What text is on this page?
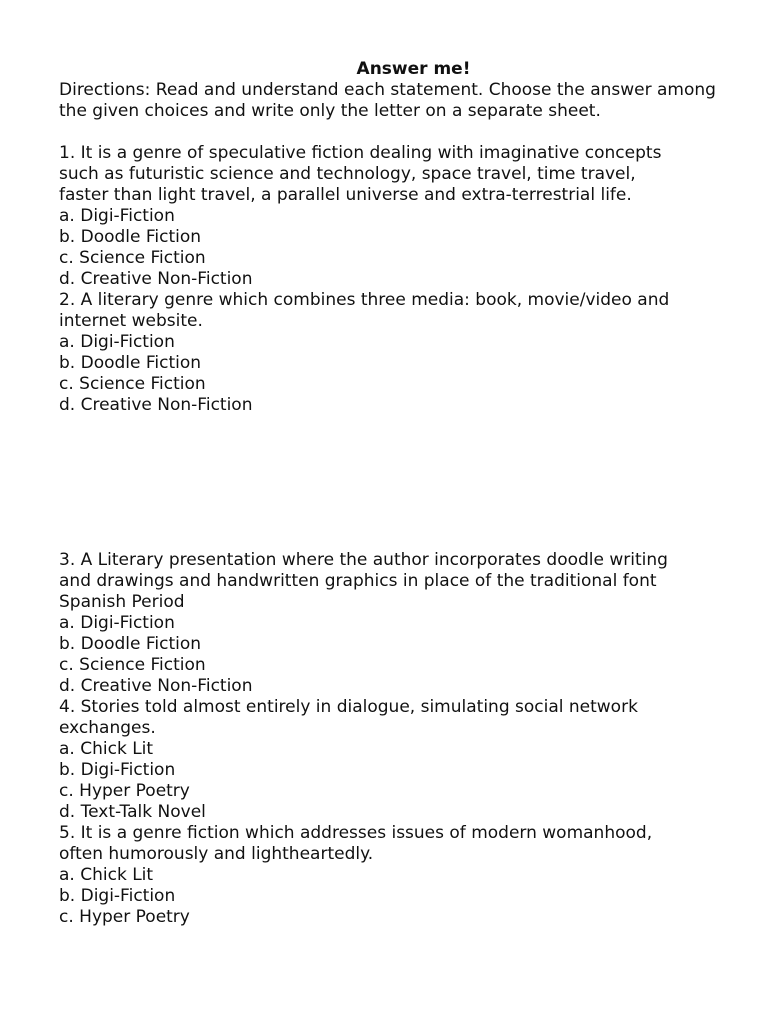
Answer me!
Directions: Read and understand each statement. Choose the answer among
the given choices and write only the letter on a separate sheet.
1. It is a genre of speculative fiction dealing with imaginative concepts
such as futuristic science and technology, space travel, time travel,
faster than light travel, a parallel universe and extra-terrestrial life.
a. Digi-Fiction
b. Doodle Fiction
c. Science Fiction
d. Creative Non-Fiction
2. A literary genre which combines three media: book, movie/video and
internet website.
a. Digi-Fiction
b. Doodle Fiction
c. Science Fiction
d. Creative Non-Fiction
3. A Literary presentation where the author incorporates doodle writing
and drawings and handwritten graphics in place of the traditional font
Spanish Period
a. Digi-Fiction
b. Doodle Fiction
c. Science Fiction
d. Creative Non-Fiction
4. Stories told almost entirely in dialogue, simulating social network
exchanges.
a. Chick Lit
b. Digi-Fiction
c. Hyper Poetry
d. Text-Talk Novel
5. It is a genre fiction which addresses issues of modern womanhood,
often humorously and lightheartedly.
a. Chick Lit
b. Digi-Fiction
c. Hyper Poetry
